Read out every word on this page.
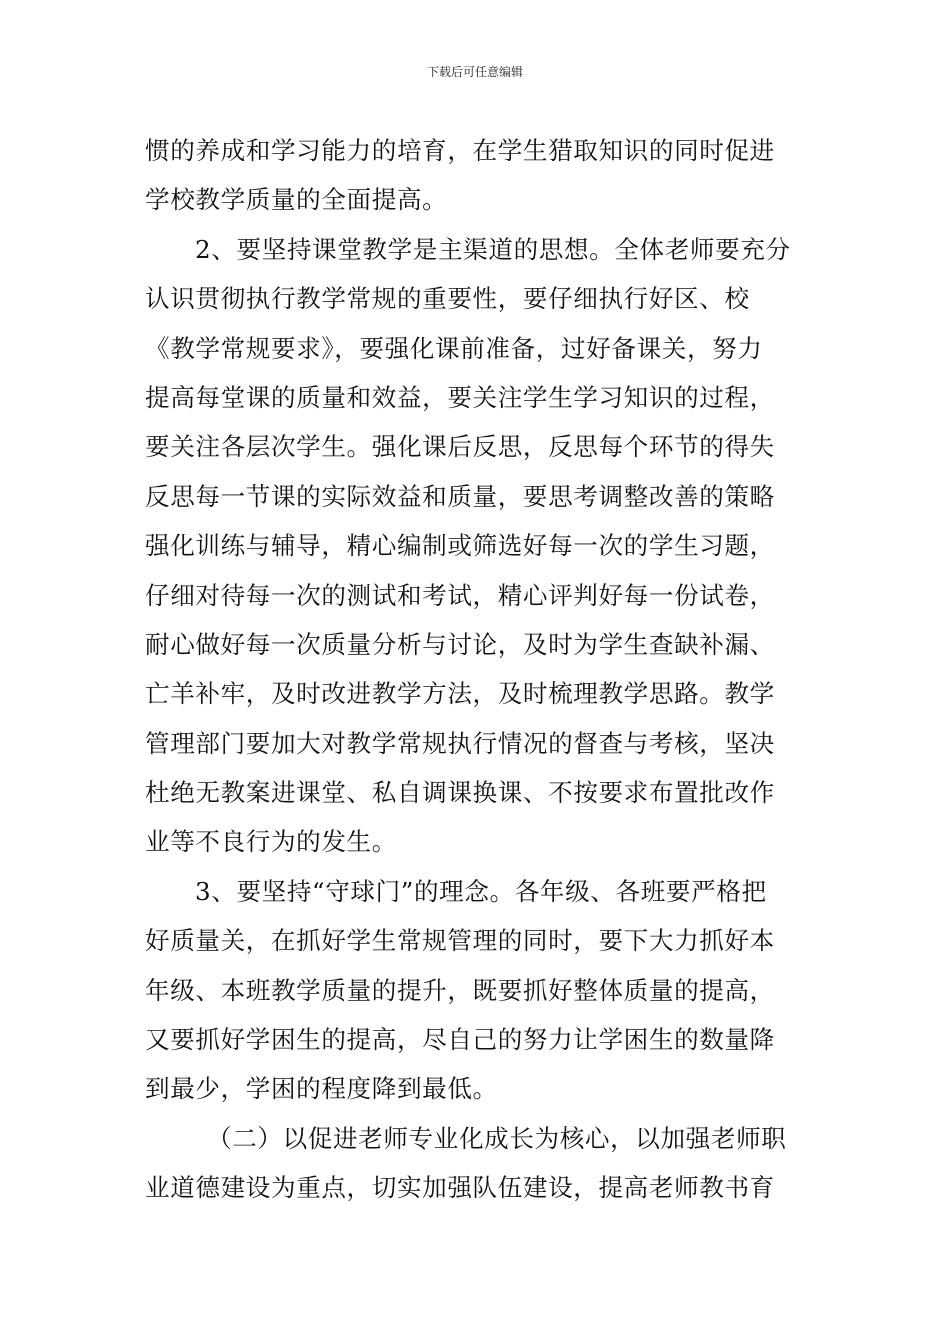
下载后可任意编辑
惯的养成和学习能力的培育，在学生猎取知识的同时促进
学校教学质量的全面提高。
2、要坚持课堂教学是主渠道的思想。全体老师要充分
认识贯彻执行教学常规的重要性，要仔细执行好区、校
《教学常规要求》，要强化课前准备，过好备课关，努力
提高每堂课的质量和效益，要关注学生学习知识的过程，
要关注各层次学生。强化课后反思，反思每个环节的得失
反思每一节课的实际效益和质量，要思考调整改善的策略
强化训练与辅导，精心编制或筛选好每一次的学生习题，
仔细对待每一次的测试和考试，精心评判好每一份试卷，
耐心做好每一次质量分析与讨论，及时为学生查缺补漏、
亡羊补牢，及时改进教学方法，及时梳理教学思路。教学
管理部门要加大对教学常规执行情况的督查与考核，坚决
杜绝无教案进课堂、私自调课换课、不按要求布置批改作
业等不良行为的发生。
3、要坚持“守球门”的理念。各年级、各班要严格把
好质量关，在抓好学生常规管理的同时，要下大力抓好本
年级、本班教学质量的提升，既要抓好整体质量的提高，
又要抓好学困生的提高，尽自己的努力让学困生的数量降
到最少，学困的程度降到最低。
（二）以促进老师专业化成长为核心，以加强老师职
业道德建设为重点，切实加强队伍建设，提高老师教书育
